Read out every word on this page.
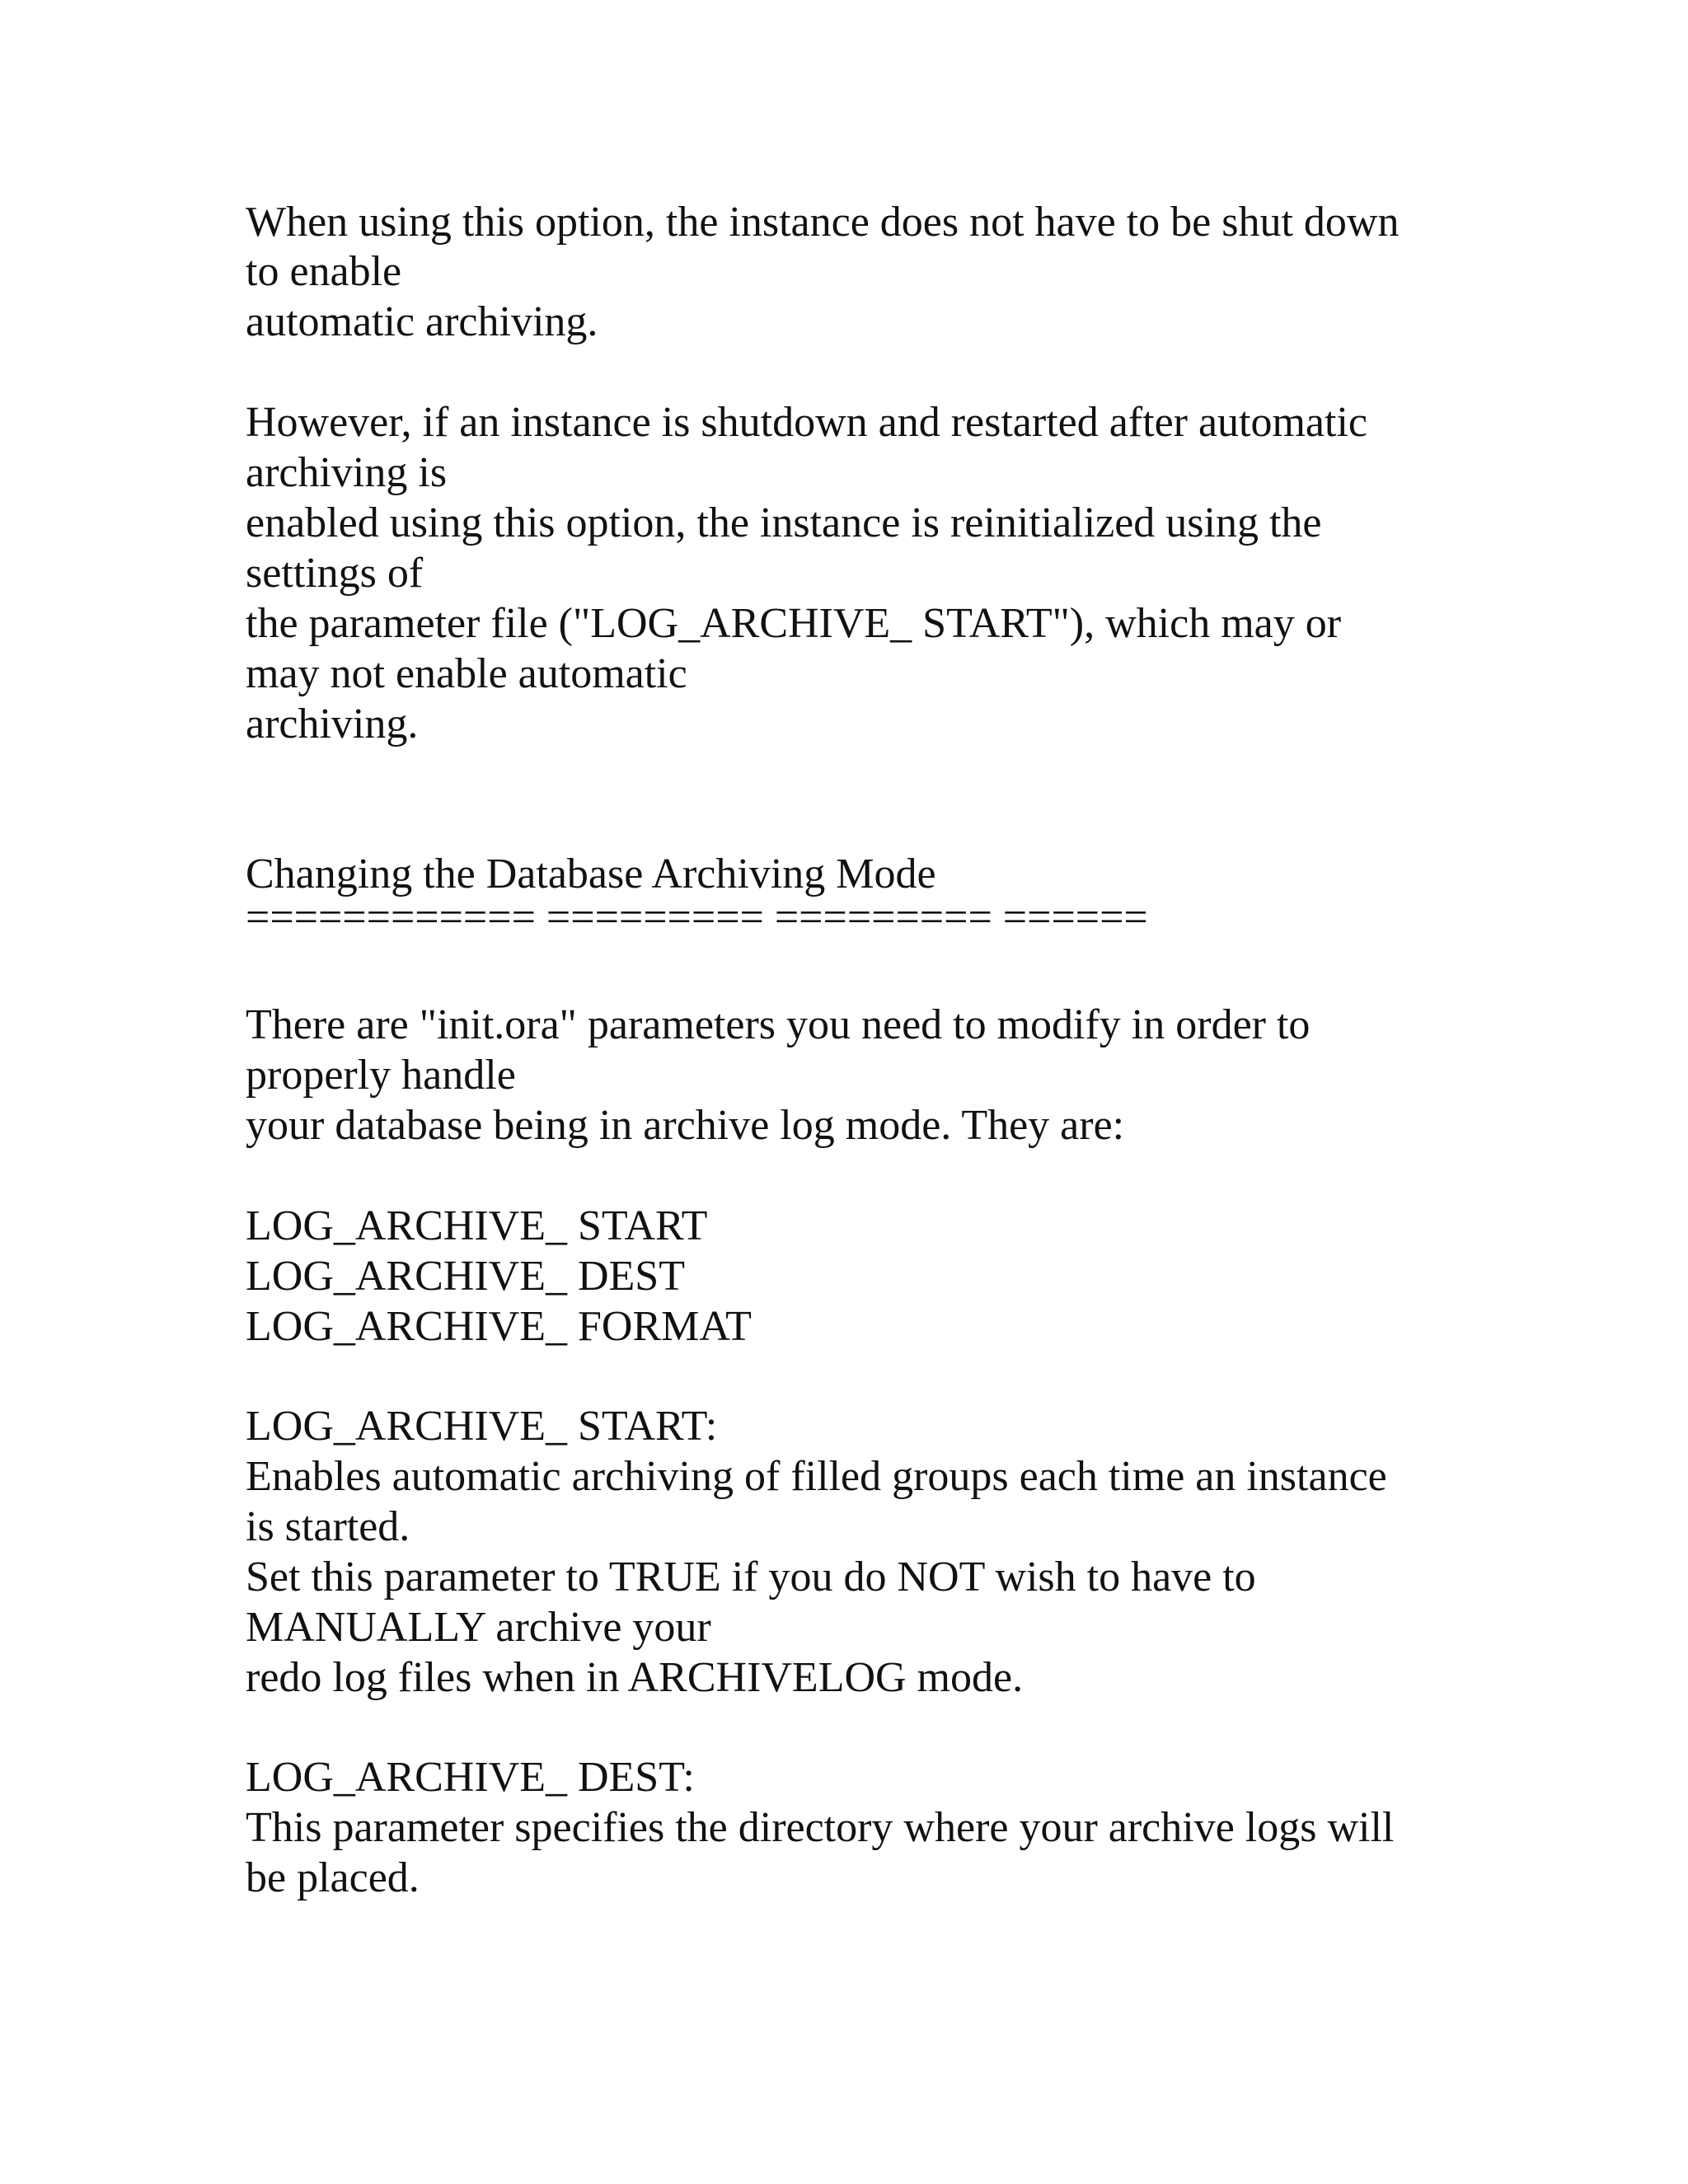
When using this option, the instance does not have to be shut down
to enable
automatic archiving.
However, if an instance is shutdown and restarted after automatic
archiving is
enabled using this option, the instance is reinitialized using the
settings of
the parameter file ("LOG_ARCHIVE_ START"), which may or
may not enable automatic
archiving.
Changing the Database Archiving Mode
============ ========= ========= ======
There are "init.ora" parameters you need to modify in order to
properly handle
your database being in archive log mode. They are:
LOG_ARCHIVE_ START
LOG_ARCHIVE_ DEST
LOG_ARCHIVE_ FORMAT
LOG_ARCHIVE_ START:
Enables automatic archiving of filled groups each time an instance
is started.
Set this parameter to TRUE if you do NOT wish to have to
MANUALLY archive your
redo log files when in ARCHIVELOG mode.
LOG_ARCHIVE_ DEST:
This parameter specifies the directory where your archive logs will
be placed.
